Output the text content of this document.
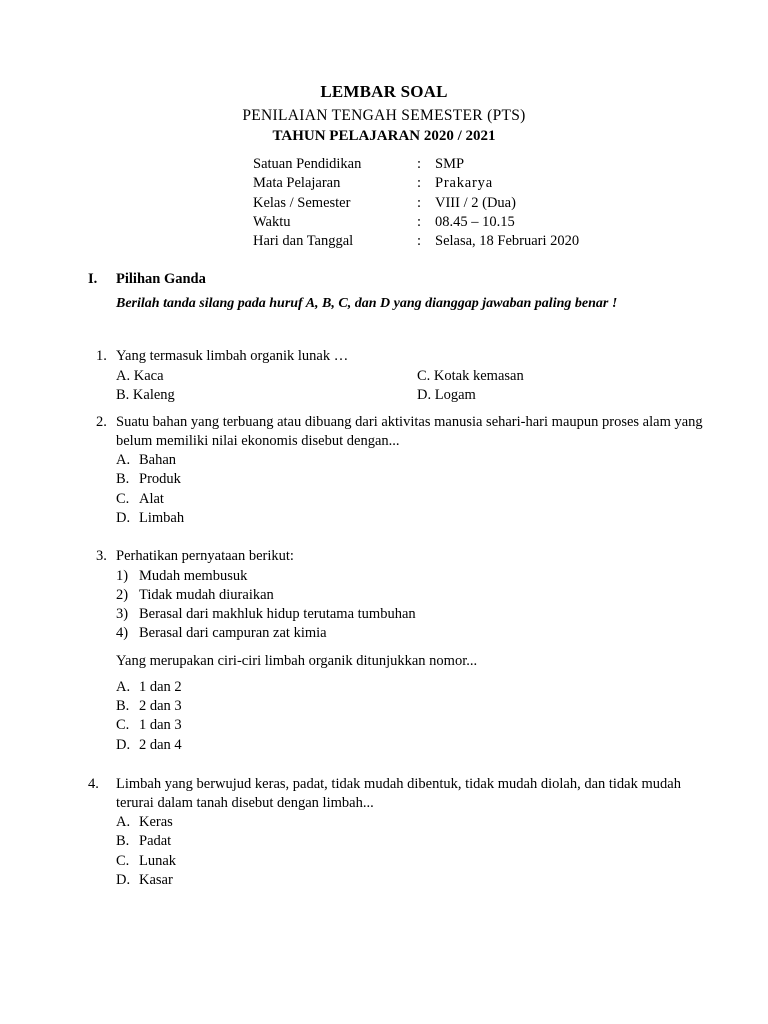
LEMBAR SOAL
PENILAIAN TENGAH SEMESTER (PTS)
TAHUN PELAJARAN 2020 / 2021
Satuan Pendidikan	: SMP
Mata Pelajaran	: Prakarya
Kelas / Semester	: VIII / 2 (Dua)
Waktu	: 08.45 – 10.15
Hari dan Tanggal	: Selasa, 18 Februari 2020
I. Pilihan Ganda
Berilah tanda silang pada huruf A, B, C, dan D yang dianggap jawaban paling benar !
1. Yang termasuk limbah organik lunak …
A. Kaca	C. Kotak kemasan
B. Kaleng	D. Logam
2. Suatu bahan yang terbuang atau dibuang dari aktivitas manusia sehari-hari maupun proses alam yang belum memiliki nilai ekonomis disebut dengan...
A. Bahan
B. Produk
C. Alat
D. Limbah
3. Perhatikan pernyataan berikut:
1) Mudah membusuk
2) Tidak mudah diuraikan
3) Berasal dari makhluk hidup terutama tumbuhan
4) Berasal dari campuran zat kimia
Yang merupakan ciri-ciri limbah organik ditunjukkan nomor...
A. 1 dan 2
B. 2 dan 3
C. 1 dan 3
D. 2 dan 4
4. Limbah yang berwujud keras, padat, tidak mudah dibentuk, tidak mudah diolah, dan tidak mudah terurai dalam tanah disebut dengan limbah...
A. Keras
B. Padat
C. Lunak
D. Kasar
